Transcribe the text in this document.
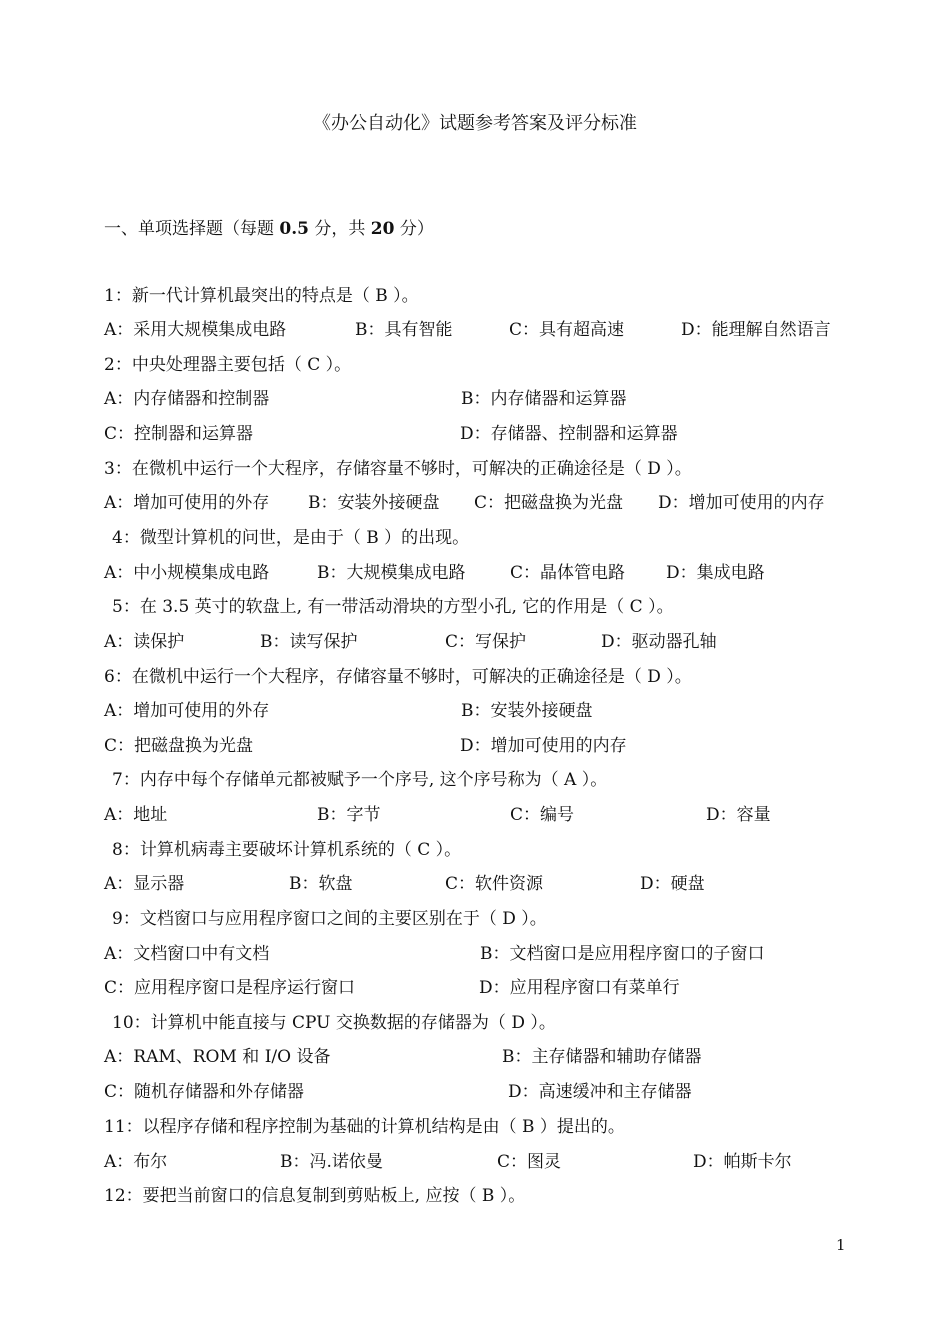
《办公自动化》试题参考答案及评分标准
一、单项选择题（每题 0.5 分，共 20 分）
1：新一代计算机最突出的特点是（ B ）。
A：采用大规模集成电路	B：具有智能	C：具有超高速	D：能理解自然语言
2：中央处理器主要包括（ C ）。
A：内存储器和控制器	B：内存储器和运算器
C：控制器和运算器	D：存储器、控制器和运算器
3：在微机中运行一个大程序，存储容量不够时，可解决的正确途径是（ D ）。
A：增加可使用的外存 B：安装外接硬盘 C：把磁盘换为光盘 D：增加可使用的内存
4：微型计算机的问世，是由于（ B ）的出现。
A：中小规模集成电路	B：大规模集成电路	C：晶体管电路 D：集成电路
5：在 3.5 英寸的软盘上, 有一带活动滑块的方型小孔, 它的作用是（ C ）。
A：读保护	B：读写保护	C：写保护	D：驱动器孔轴
6：在微机中运行一个大程序，存储容量不够时，可解决的正确途径是（ D ）。
A：增加可使用的外存	B：安装外接硬盘
C：把磁盘换为光盘	D：增加可使用的内存
7：内存中每个存储单元都被赋予一个序号, 这个序号称为（ A ）。
A：地址	B：字节	C：编号	D：容量
8：计算机病毒主要破坏计算机系统的（ C ）。
A：显示器	B：软盘	C：软件资源	D：硬盘
9：文档窗口与应用程序窗口之间的主要区别在于（ D ）。
A：文档窗口中有文档	B：文档窗口是应用程序窗口的子窗口
C：应用程序窗口是程序运行窗口	D：应用程序窗口有菜单行
10：计算机中能直接与 CPU 交换数据的存储器为（ D ）。
A：RAM、ROM 和 I/O 设备	B：主存储器和辅助存储器
C：随机存储器和外存储器	D：高速缓冲和主存储器
11：以程序存储和程序控制为基础的计算机结构是由（ B ）提出的。
A：布尔	B：冯.诺依曼	C：图灵	D：帕斯卡尔
12：要把当前窗口的信息复制到剪贴板上, 应按（ B ）。
1
